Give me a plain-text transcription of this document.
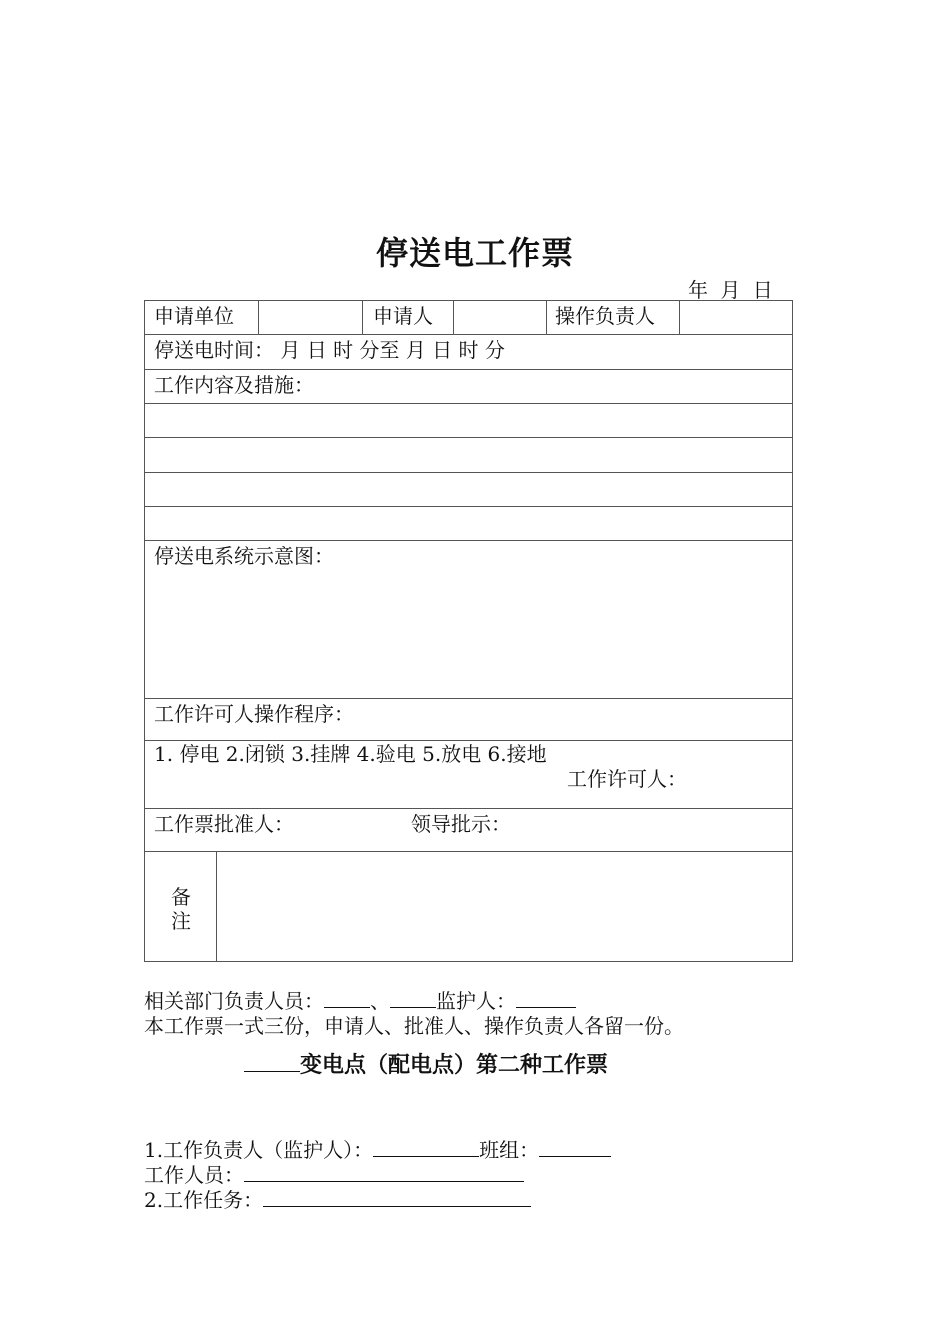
停送电工作票
年 月 日
申请单位	申请人	操作负责人
停送电时间： 月 日 时 分至 月 日 时 分
工作内容及措施：
停送电系统示意图：
工作许可人操作程序：
1. 停电 2.闭锁 3.挂牌 4.验电 5.放电 6.接地
工作许可人：
工作票批准人：	领导批示：
备
注
相关部门负责人员： 、 监护人：
本工作票一式三份，申请人、批准人、操作负责人各留一份。
变电点（配电点）第二种工作票
1.工作负责人（监护人）：	班组：
工作人员：
2.工作任务：
